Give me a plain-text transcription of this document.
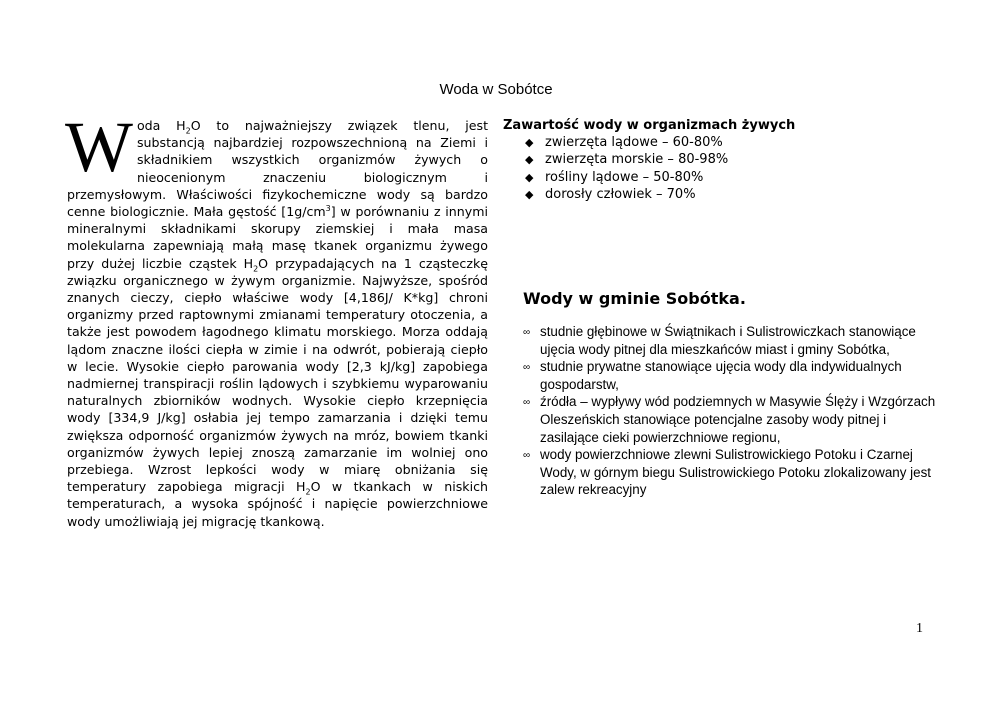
Woda w Sobótce
W oda $H_2O$ to najważniejszy związek tlenu, jest substancją najbardziej rozpowszechnioną na Ziemi i składnikiem wszystkich organizmów żywych o nieocenionym znaczeniu biologicznym i przemysłowym. Właściwości fizykochemiczne wody są bardzo cenne biologicznie. Mała gęstość $[1g/cm^3]$ w porównaniu z innymi mineralnymi składnikami skorupy ziemskiej i mała masa molekularna zapewniają małą masę tkanek organizmu żywego przy dużej liczbie cząstek $H_2O$ przypadających na 1 cząsteczkę związku organicznego w żywym organizmie. Najwyższe, spośród znanych cieczy, ciepło właściwe wody [4,186J/ K*kg] chroni organizmy przed raptownymi zmianami temperatury otoczenia, a także jest powodem łagodnego klimatu morskiego. Morza oddają lądom znaczne ilości ciepła w zimie i na odwrót, pobierają ciepło w lecie. Wysokie ciepło parowania wody [2,3 kJ/kg] zapobiega nadmiernej transpiracji roślin lądowych i szybkiemu wyparowaniu naturalnych zbiorników wodnych. Wysokie ciepło krzepnięcia wody [334,9 J/kg] osłabia jej tempo zamarzania i dzięki temu zwiększa odporność organizmów żywych na mróz, bowiem tkanki organizmów żywych lepiej znoszą zamarzanie im wolniej ono przebiega. Wzrost lepkości wody w miarę obniżania się temperatury zapobiega migracji $H_2O$ w tkankach w niskich temperaturach, a wysoka spójność i napięcie powierzchniowe wody umożliwiają jej migrację tkankową.

Zawartość wody w organizmach żywych
◆ zwierzęta lądowe – 60-80%
◆ zwierzęta morskie – 80-98%
◆ rośliny lądowe – 50-80%
◆ dorosły człowiek – 70%
Wody w gminie Sobótka.
∞ studnie głębinowe w Świątnikach i Sulistrowiczkach stanowiące ujęcia wody pitnej dla mieszkańców miast i gminy Sobótka,
∞ studnie prywatne stanowiące ujęcia wody dla indywidualnych gospodarstw,
∞ źródła – wypływy wód podziemnych w Masywie Ślęży i Wzgórzach Oleszeńskich stanowiące potencjalne zasoby wody pitnej i zasilające cieki powierzchniowe regionu,
∞ wody powierzchniowe zlewni Sulistrowickiego Potoku i Czarnej Wody, w górnym biegu Sulistrowickiego Potoku zlokalizowany jest zalew rekreacyjny
1
